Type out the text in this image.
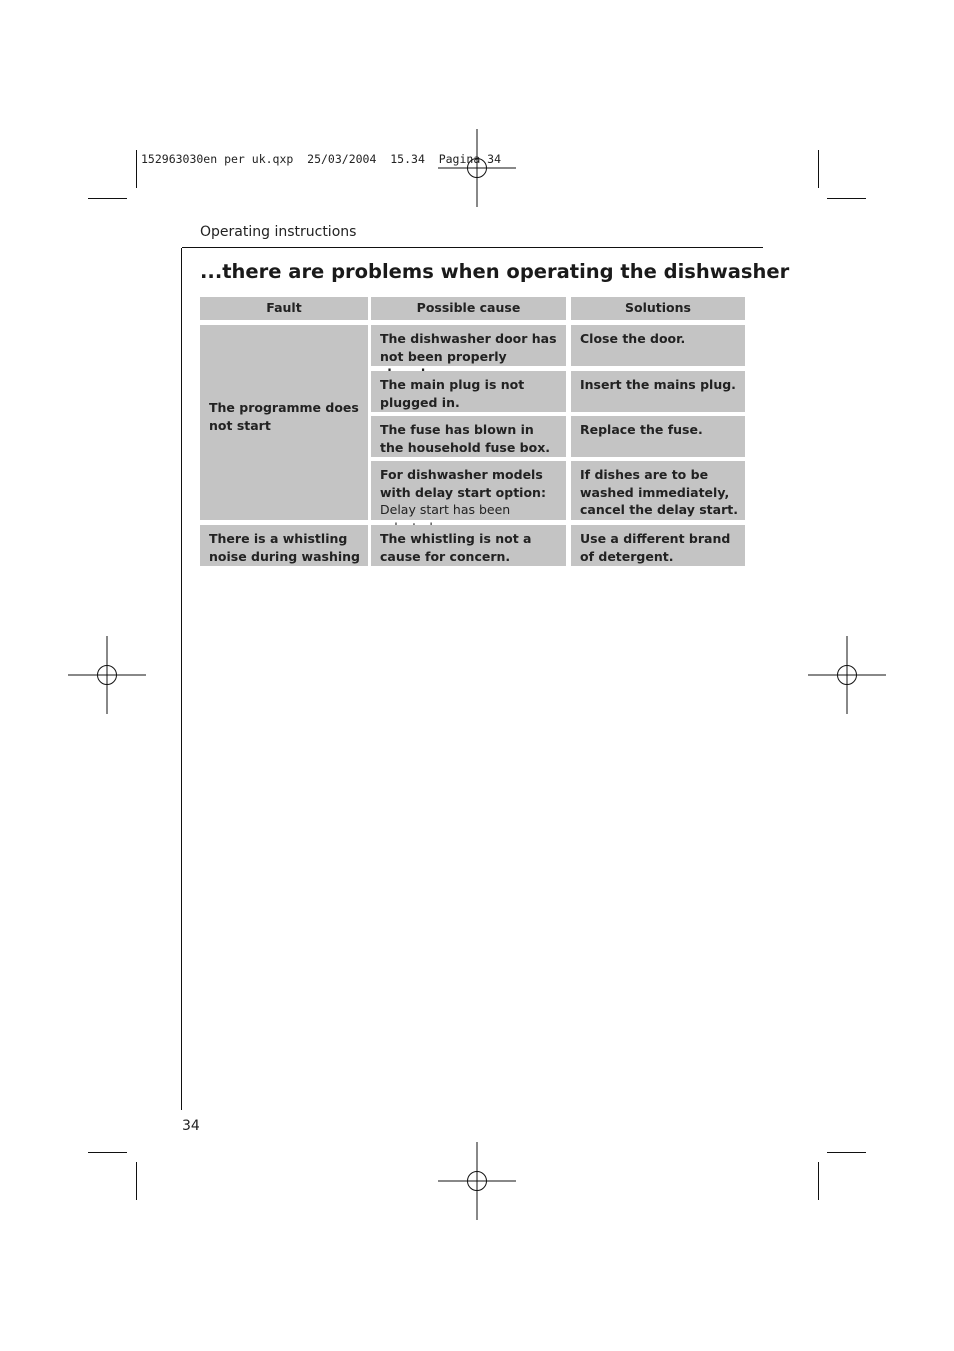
152963030en per uk.qxp  25/03/2004  15.34  Pagina 34
Operating instructions
...there are problems when operating the dishwasher
Fault	Possible cause	Solutions
The programme does not start
The dishwasher door has not been properly
Close the door.
The main plug is not plugged in.
Insert the mains plug.
The fuse has blown in the household fuse box.
Replace the fuse.
For dishwasher models with delay start option:
Delay start has been
If dishes are to be washed immediately, cancel the delay start.
There is a whistling noise during washing
The whistling is not a cause for concern.
Use a different brand of detergent.
34
